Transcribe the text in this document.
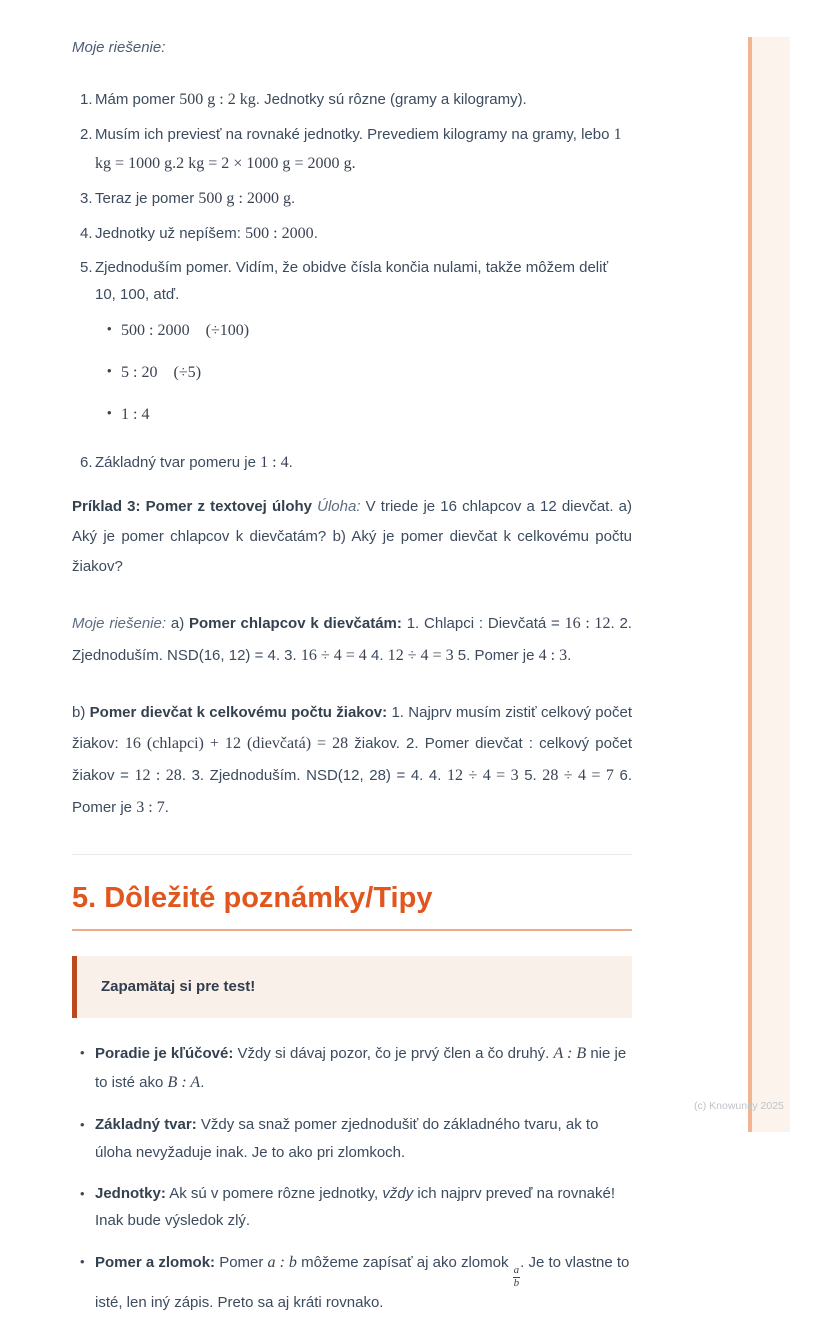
Moje riešenie:

1. Mám pomer 500 g : 2 kg. Jednotky sú rôzne (gramy a kilogramy).
2. Musím ich previesť na rovnaké jednotky. Prevediem kilogramy na gramy, lebo 1 kg = 1000 g.2 kg = 2 × 1000 g = 2000 g.
3. Teraz je pomer 500 g : 2000 g.
4. Jednotky už nepíšem: 500 : 2000.
5. Zjednoduším pomer. Vidím, že obidve čísla končia nulami, takže môžem deliť 10, 100, atď.
• 500 : 2000  (÷100)
• 5 : 20  (÷5)
• 1 : 4
6. Základný tvar pomeru je 1 : 4.

Príklad 3: Pomer z textovej úlohy Úloha: V triede je 16 chlapcov a 12 dievčat. a) Aký je pomer chlapcov k dievčatám? b) Aký je pomer dievčat k celkovému počtu žiakov?

Moje riešenie: a) Pomer chlapcov k dievčatám: 1. Chlapci : Dievčatá = 16 : 12. 2. Zjednoduším. NSD(16, 12) = 4. 3. 16 ÷ 4 = 4 4. 12 ÷ 4 = 3 5. Pomer je 4 : 3.

b) Pomer dievčat k celkovému počtu žiakov: 1. Najprv musím zistiť celkový počet žiakov: 16 (chlapci) + 12 (dievčatá) = 28 žiakov. 2. Pomer dievčat : celkový počet žiakov = 12 : 28. 3. Zjednoduším. NSD(12, 28) = 4. 4. 12 ÷ 4 = 3 5. 28 ÷ 4 = 7 6. Pomer je 3 : 7.

5. Dôležité poznámky/Tipy
Zapamätaj si pre test!
• Poradie je kľúčové: Vždy si dávaj pozor, čo je prvý člen a čo druhý. A : B nie je to isté ako B : A.
• Základný tvar: Vždy sa snaž pomer zjednodušiť do základného tvaru, ak to úloha nevyžaduje inak. Je to ako pri zlomkoch.
• Jednotky: Ak sú v pomere rôzne jednotky, vždy ich najprv preveď na rovnaké! Inak bude výsledok zlý.
• Pomer a zlomok: Pomer a : b môžeme zapísať aj ako zlomok
$\frac{a}{b}$
. Je to vlastne to isté, len iný zápis. Preto sa aj kráti rovnako.
(c) Knowunity 2025
